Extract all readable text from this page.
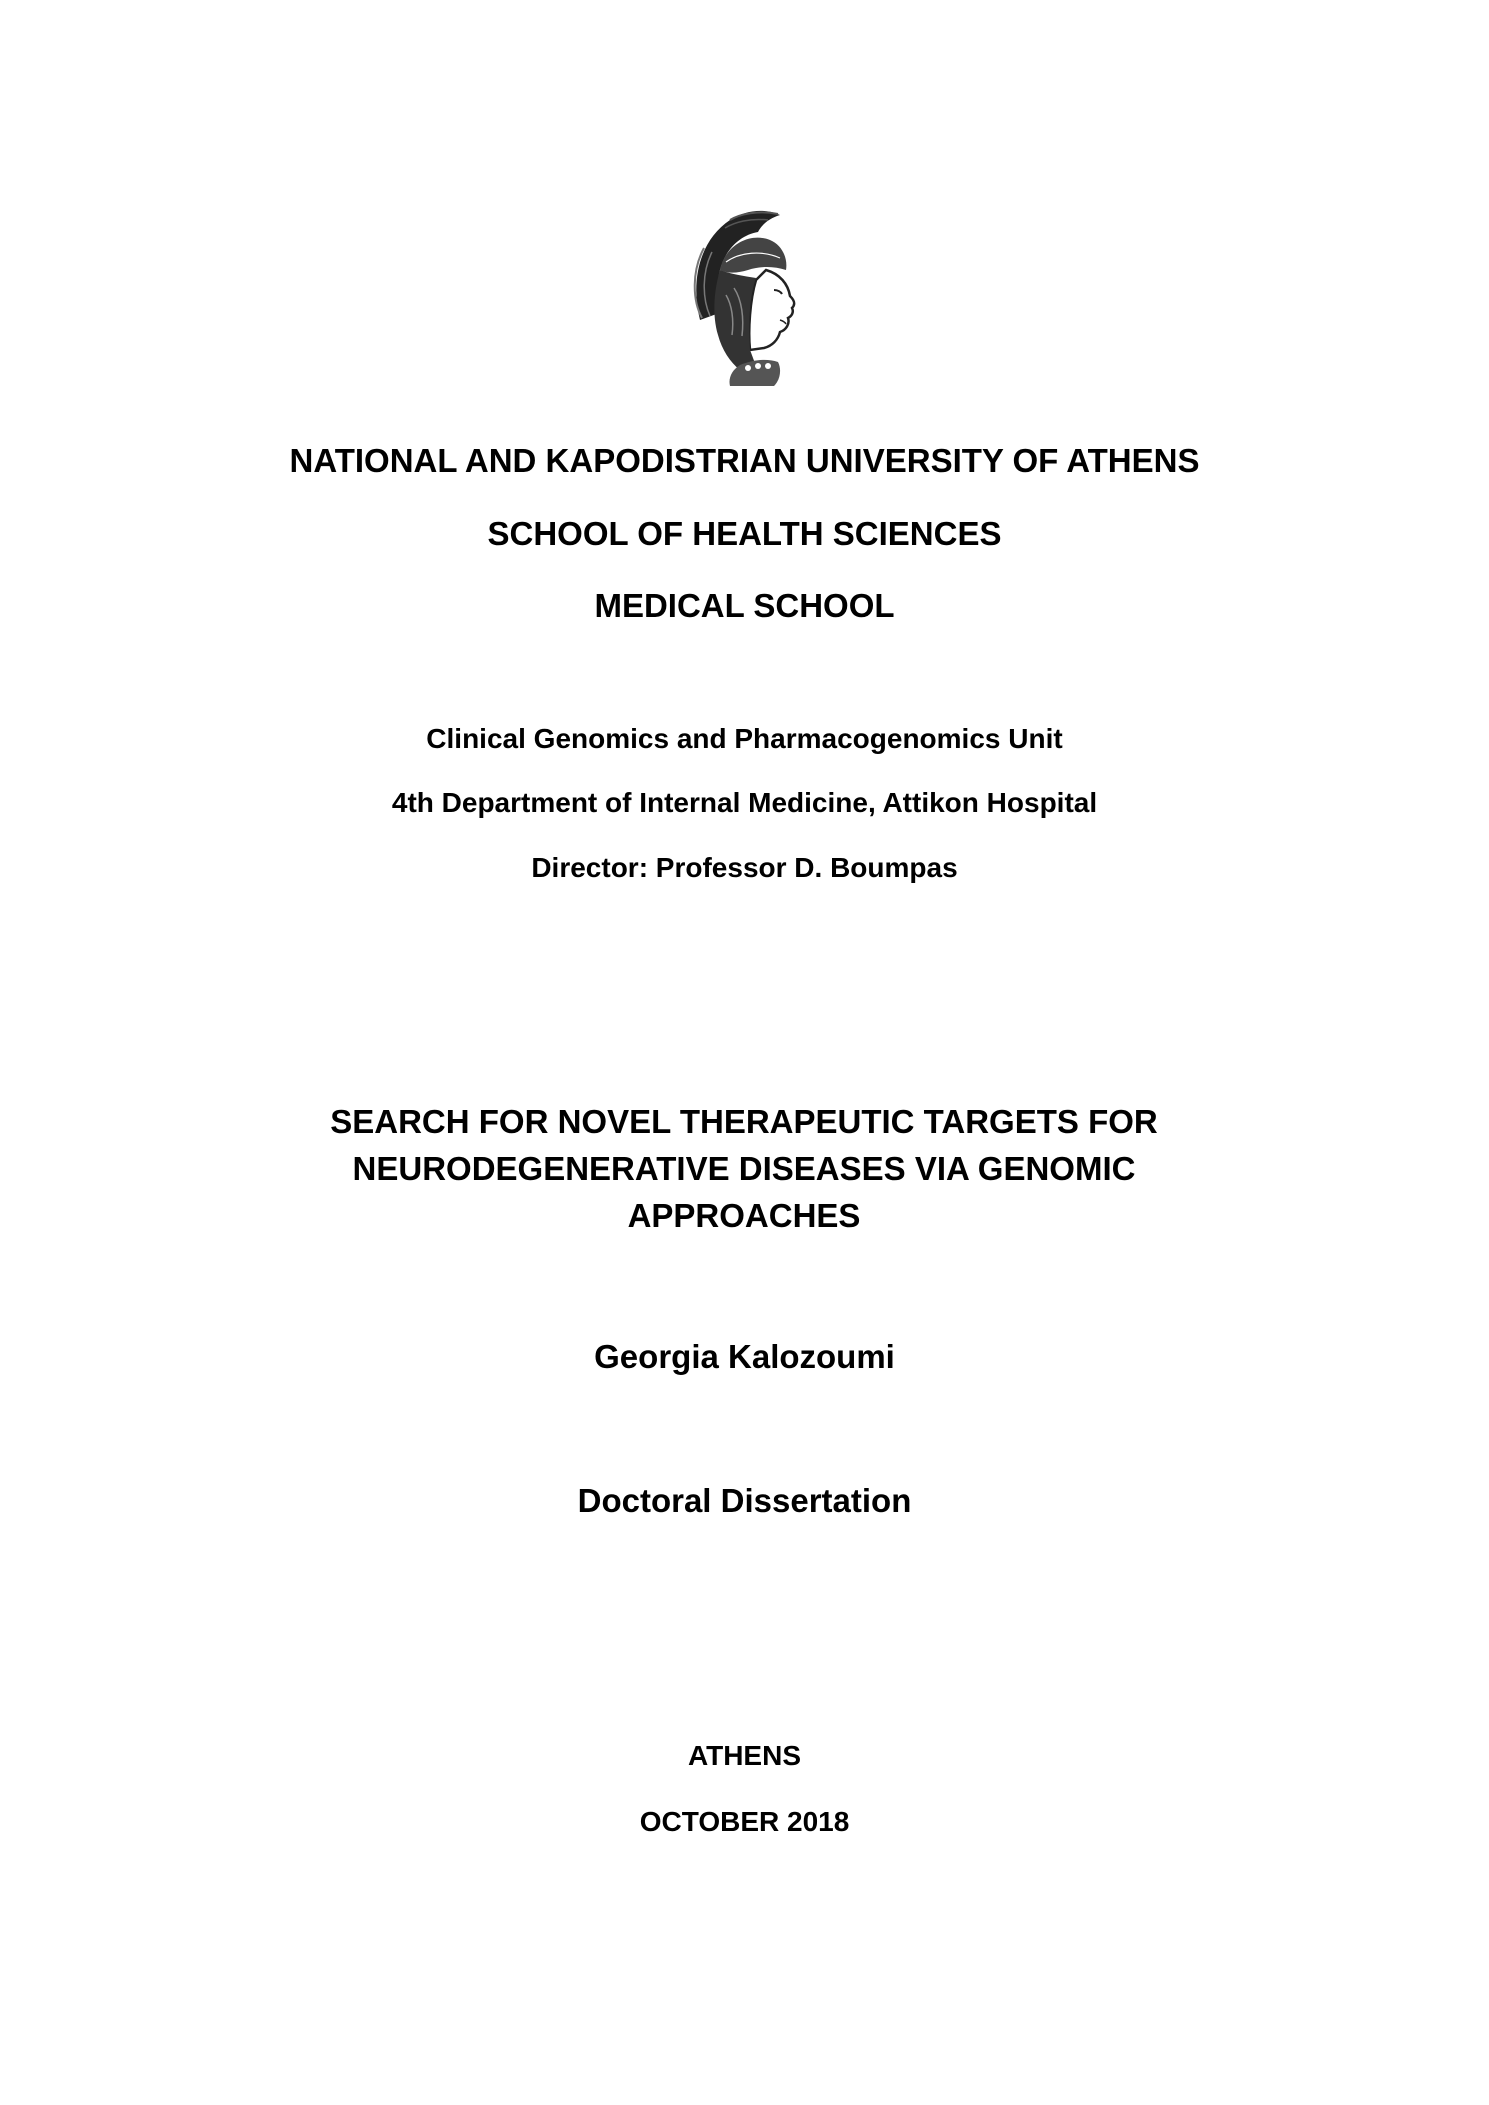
NATIONAL AND KAPODISTRIAN UNIVERSITY OF ATHENS
SCHOOL OF HEALTH SCIENCES
MEDICAL SCHOOL
Clinical Genomics and Pharmacogenomics Unit
4th Department of Internal Medicine, Attikon Hospital
Director: Professor D. Boumpas
SEARCH FOR NOVEL THERAPEUTIC TARGETS FOR
NEURODEGENERATIVE DISEASES VIA GENOMIC
APPROACHES
Georgia Kalozoumi
Doctoral Dissertation
ATHENS
OCTOBER 2018
